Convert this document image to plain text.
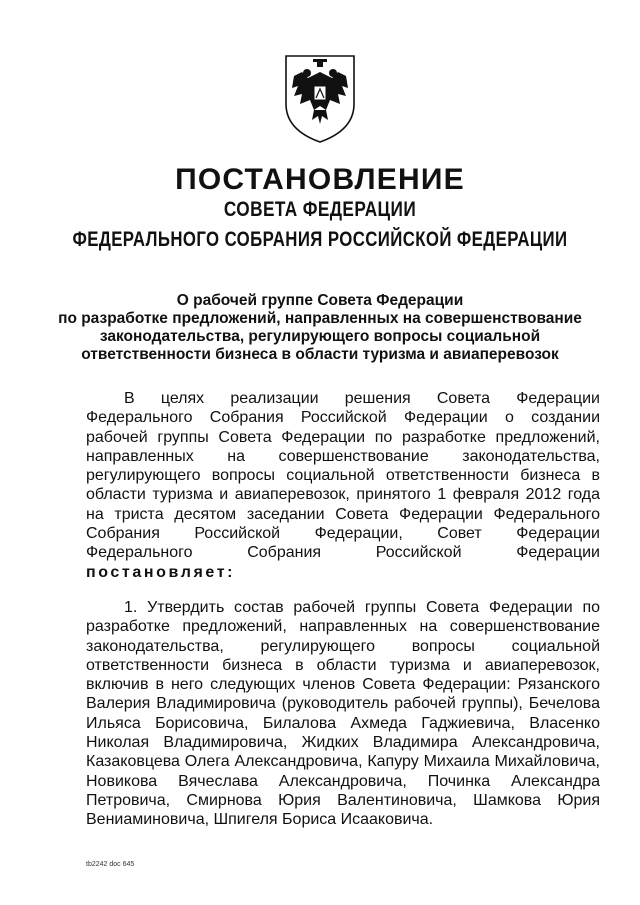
ПОСТАНОВЛЕНИЕ
СОВЕТА ФЕДЕРАЦИИ
ФЕДЕРАЛЬНОГО СОБРАНИЯ РОССИЙСКОЙ ФЕДЕРАЦИИ
О рабочей группе Совета Федерации
по разработке предложений, направленных на совершенствование
законодательства, регулирующего вопросы социальной
ответственности бизнеса в области туризма и авиаперевозок
В целях реализации решения Совета Федерации
Федерального Собрания Российской Федерации о создании
рабочей группы Совета Федерации по разработке предложений,
направленных на совершенствование законодательства,
регулирующего вопросы социальной ответственности бизнеса в
области туризма и авиаперевозок, принятого 1 февраля 2012 года
на триста десятом заседании Совета Федерации Федерального
Собрания Российской Федерации, Совет Федерации
Федерального Собрания Российской Федерации
постановляет:
1. Утвердить состав рабочей группы Совета Федерации по
разработке предложений, направленных на совершенствование
законодательства, регулирующего вопросы социальной
ответственности бизнеса в области туризма и авиаперевозок,
включив в него следующих членов Совета Федерации: Рязанского
Валерия Владимировича (руководитель рабочей группы), Бечелова
Ильяса Борисовича, Билалова Ахмеда Гаджиевича, Власенко
Николая Владимировича, Жидких Владимира Александровича,
Казаковцева Олега Александровича, Капуру Михаила Михайловича,
Новикова Вячеслава Александровича, Починка Александра
Петровича, Смирнова Юрия Валентиновича, Шамкова Юрия
Вениаминовича, Шпигеля Бориса Исааковича.
tb2242 doc 645
